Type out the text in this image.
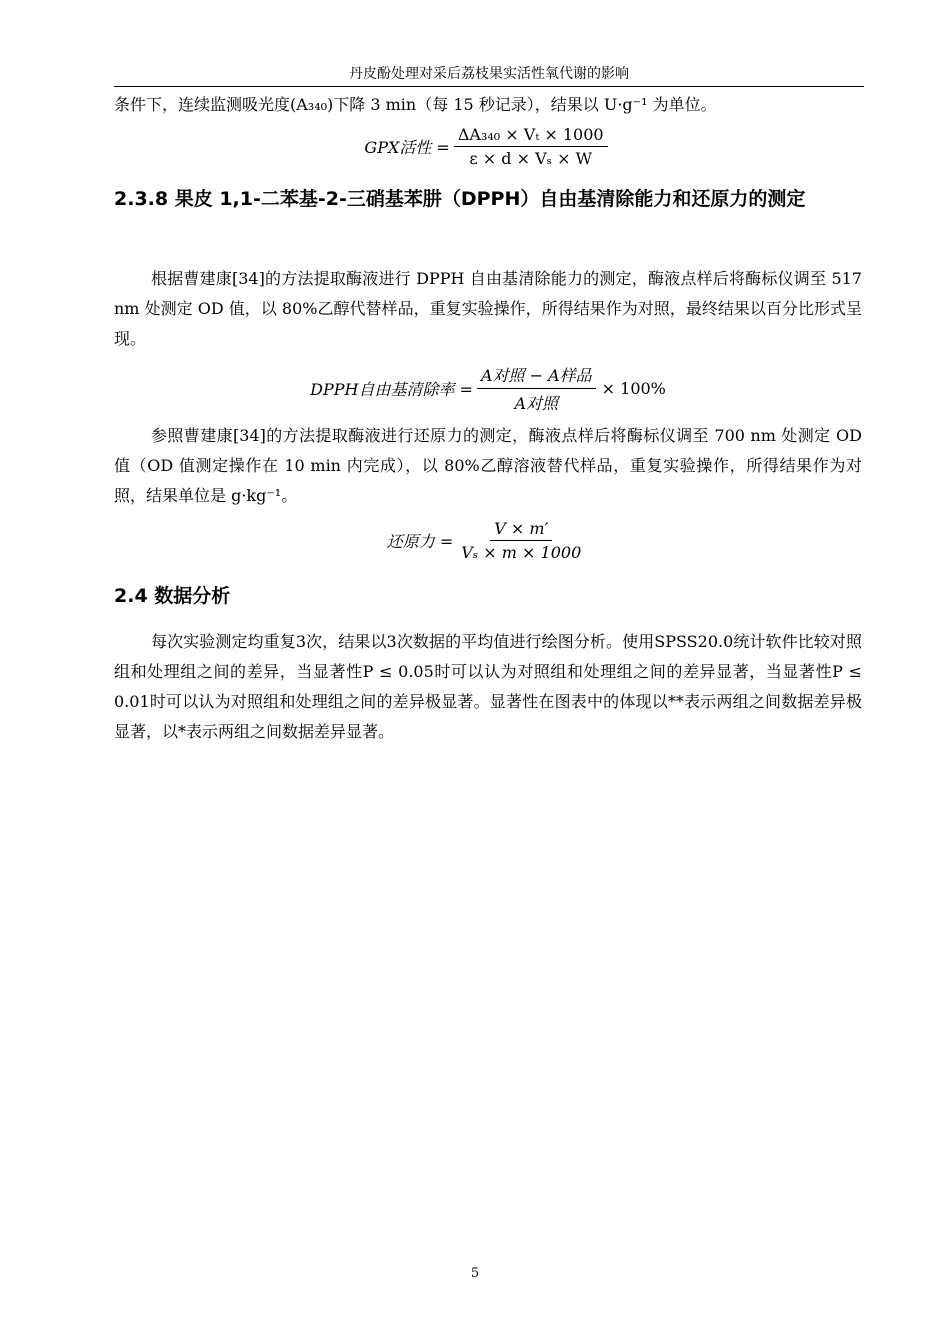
丹皮酚处理对采后荔枝果实活性氧代谢的影响

条件下，连续监测吸光度(A₃₄₀)下降 3 min（每 15 秒记录），结果以 U·g⁻¹ 为单位。

GPX活性 = $\frac{\text{ΔA₃₄₀ × Vₜ × 1000}}{\text{ε × d × Vₛ × W}}$
2.3.8 果皮 1,1-二苯基-2-三硝基苯肼（DPPH）自由基清除能力和还原力的测定

根据曹建康[34]的方法提取酶液进行 DPPH 自由基清除能力的测定，酶液点样后将酶标仪调至 517 nm 处测定 OD 值，以 80%乙醇代替样品，重复实验操作，所得结果作为对照，最终结果以百分比形式呈现。

DPPH自由基清除率 = $\frac{\text{A对照 − A样品}}{\text{A对照}} \times 100\%$

参照曹建康[34]的方法提取酶液进行还原力的测定，酶液点样后将酶标仪调至 700 nm 处测定 OD 值（OD 值测定操作在 10 min 内完成），以 80%乙醇溶液替代样品，重复实验操作，所得结果作为对照，结果单位是 g·kg⁻¹。

还原力 = $\frac{V \times m'}{\text{Vₛ × m × 1000}}$
2.4 数据分析

每次实验测定均重复3次，结果以3次数据的平均值进行绘图分析。使用SPSS20.0统计软件比较对照组和处理组之间的差异，当显著性P ≤ 0.05时可以认为对照组和处理组之间的差异显著，当显著性P ≤ 0.01时可以认为对照组和处理组之间的差异极显著。显著性在图表中的体现以**表示两组之间数据差异极显著，以*表示两组之间数据差异显著。

5
